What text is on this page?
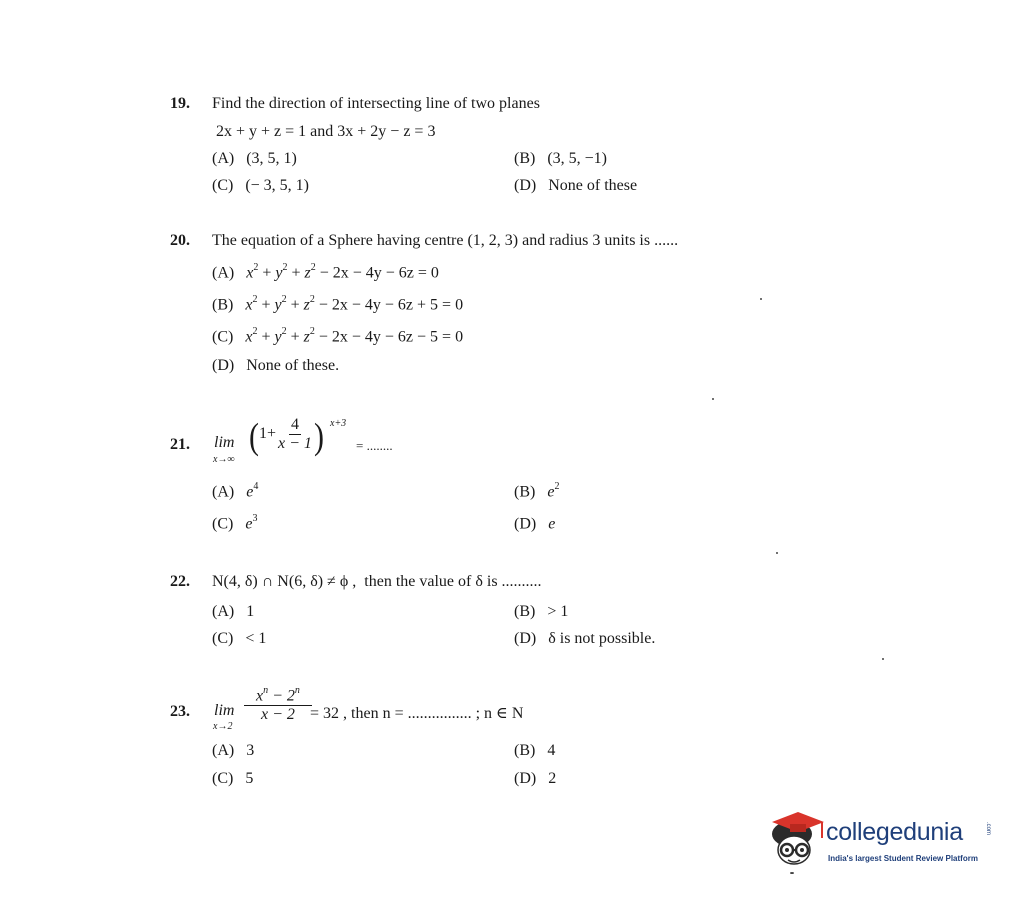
19. Find the direction of intersecting line of two planes
2x + y + z = 1 and 3x + 2y − z = 3
(A) (3, 5, 1)	(B) (3, 5, −1)
(C) (− 3, 5, 1)	(D) None of these
20. The equation of a Sphere having centre (1, 2, 3) and radius 3 units is ......
(A) $x^2 + y^2 + z^2 - 2x - 4y - 6z = 0$
(B) $x^2 + y^2 + z^2 - 2x - 4y - 6z + 5 = 0$
(C) $x^2 + y^2 + z^2 - 2x - 4y - 6z - 5 = 0$
(D) None of these.
21. lim
x→∞
($1+ \frac{4}{x - 1}$ ) x+3
= ........
(A) $e^4$	(B) $e^2$
(C) $e^3$	(D) e
22. N(4, δ) ∩ N(6, δ) ≠ ϕ , then the value of δ is ..........
(A) 1	(B) > 1
(C) < 1	(D) δ is not possible.
23. lim
x→2
$\frac{x^n - 2^n}{x - 2}$
= 32 , then n = ................ ; n ∈ N
(A) 3	(B) 4
(C) 5	(D) 2
collegedunia	.com
India's largest Student Review Platform
